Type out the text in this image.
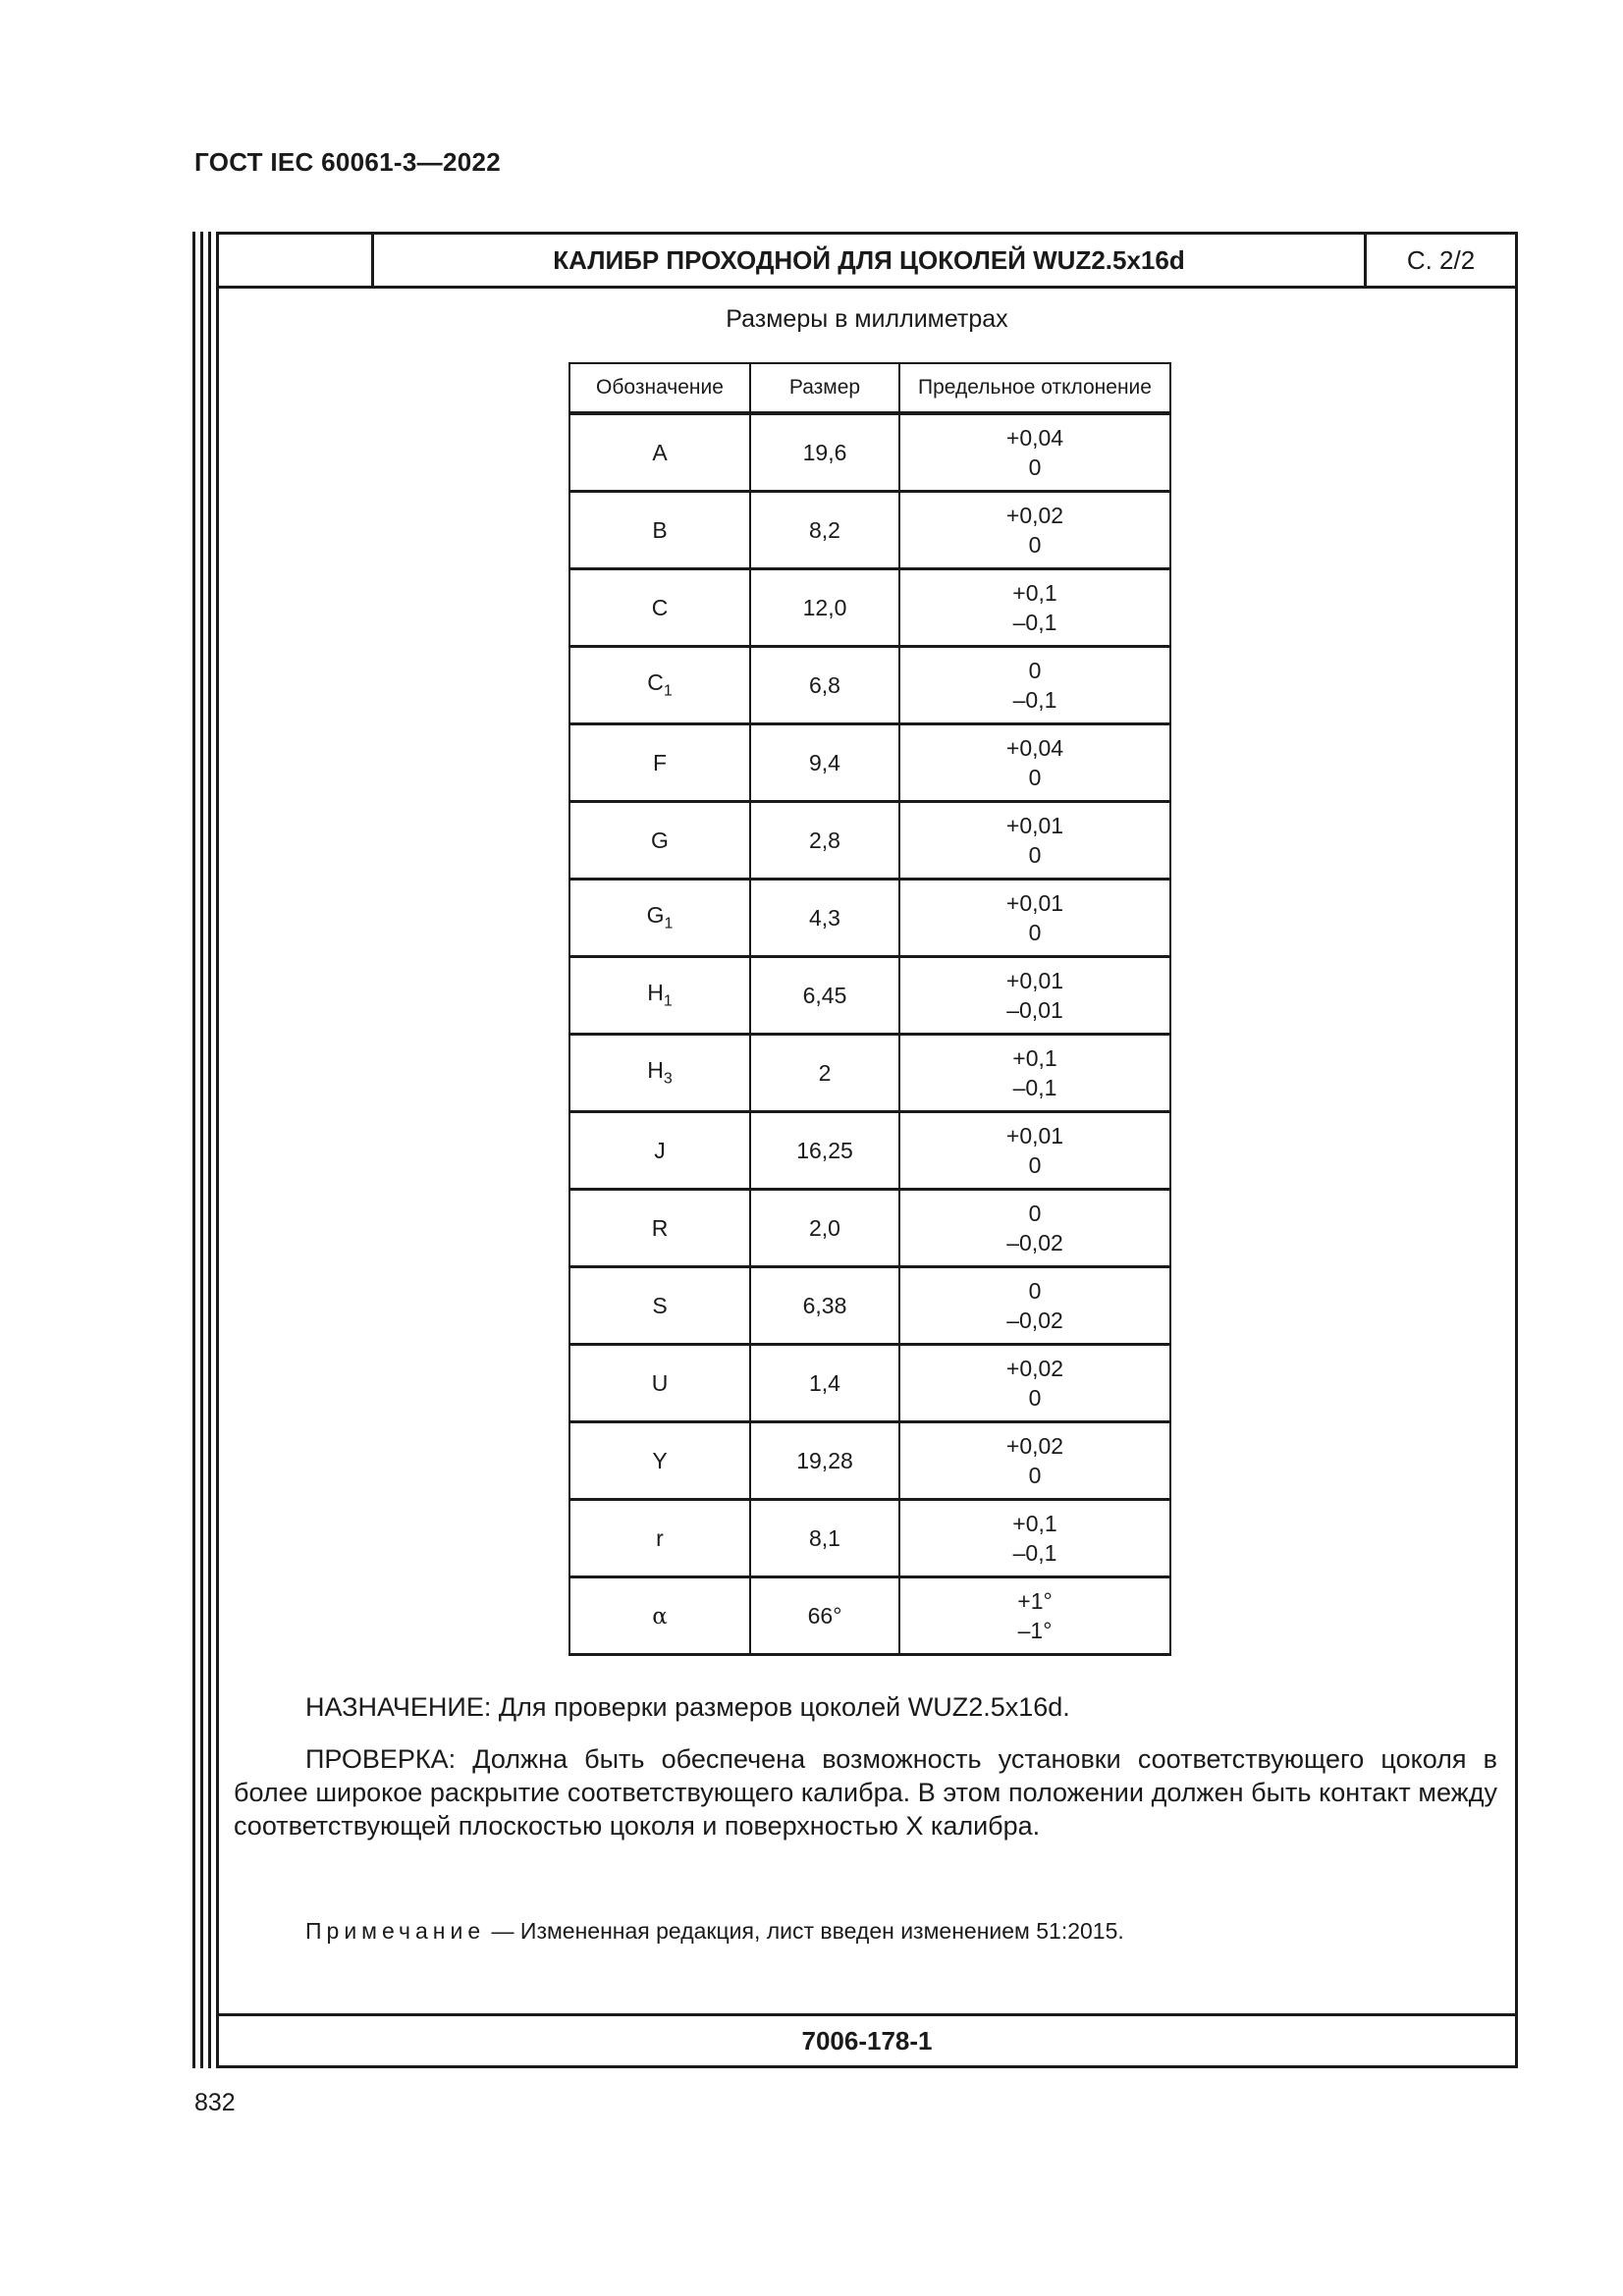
ГОСТ IEC 60061-3—2022
КАЛИБР ПРОХОДНОЙ ДЛЯ ЦОКОЛЕЙ WUZ2.5x16d	С. 2/2
Размеры в миллиметрах
Обозначение	Размер	Предельное отклонение
A	19,6	+0,04
0

B	8,2	+0,02
0

C	12,0	+0,1
–0,1

$C_1$	6,8	0
–0,1

F	9,4	+0,04
0

G	2,8	+0,01
0

$G_1$	4,3	+0,01
0

$H_1$	6,45	+0,01
–0,01

$H_3$	2	+0,1
–0,1

J	16,25	+0,01
0

R	2,0	0
–0,02

S	6,38	0
–0,02

U	1,4	+0,02
0

Y	19,28	+0,02
0

r	8,1	+0,1
–0,1

α	66°	+1°
–1°
НАЗНАЧЕНИЕ: Для проверки размеров цоколей WUZ2.5x16d.
ПРОВЕРКА: Должна быть обеспечена возможность установки соответствующего цоколя в более широкое раскрытие соответствующего калибра. В этом положении должен быть контакт между соответствующей плоскостью цоколя и поверхностью X калибра.
Примечание — Измененная редакция, лист введен изменением 51:2015.
7006-178-1
832
